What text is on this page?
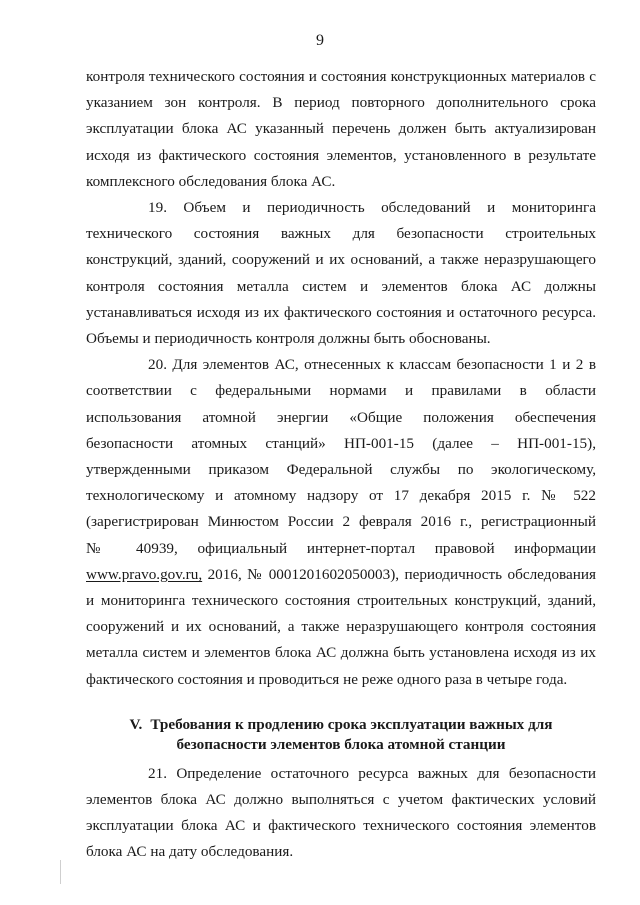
9

контроля технического состояния и состояния конструкционных материалов с указанием зон контроля. В период повторного дополнительного срока эксплуатации блока АС указанный перечень должен быть актуализирован исходя из фактического состояния элементов, установленного в результате комплексного обследования блока АС.

19. Объем и периодичность обследований и мониторинга технического состояния важных для безопасности строительных конструкций, зданий, сооружений и их оснований, а также неразрушающего контроля состояния металла систем и элементов блока АС должны устанавливаться исходя из их фактического состояния и остаточного ресурса. Объемы и периодичность контроля должны быть обоснованы.

20. Для элементов АС, отнесенных к классам безопасности 1 и 2 в
соответствии с федеральными нормами и правилами в области
использования атомной энергии «Общие положения обеспечения
безопасности атомных станций» НП-001-15 (далее – НП-001-15),
утвержденными приказом Федеральной службы по экологическому,
технологическому и атомному надзору от 17 декабря 2015 г. № 522
(зарегистрирован Минюстом России 2 февраля 2016 г., регистрационный
№ 40939, официальный интернет-портал правовой информации
www.pravo.gov.ru, 2016, № 0001201602050003), периодичность обследования
и мониторинга технического состояния строительных конструкций, зданий,
сооружений и их оснований, а также неразрушающего контроля состояния
металла систем и элементов блока АС должна быть установлена исходя из их
фактического состояния и проводиться не реже одного раза в четыре года.
V. Требования к продлению срока эксплуатации важных для
безопасности элементов блока атомной станции

21. Определение остаточного ресурса важных для безопасности элементов блока АС должно выполняться с учетом фактических условий эксплуатации блока АС и фактического технического состояния элементов блока АС на дату обследования.
